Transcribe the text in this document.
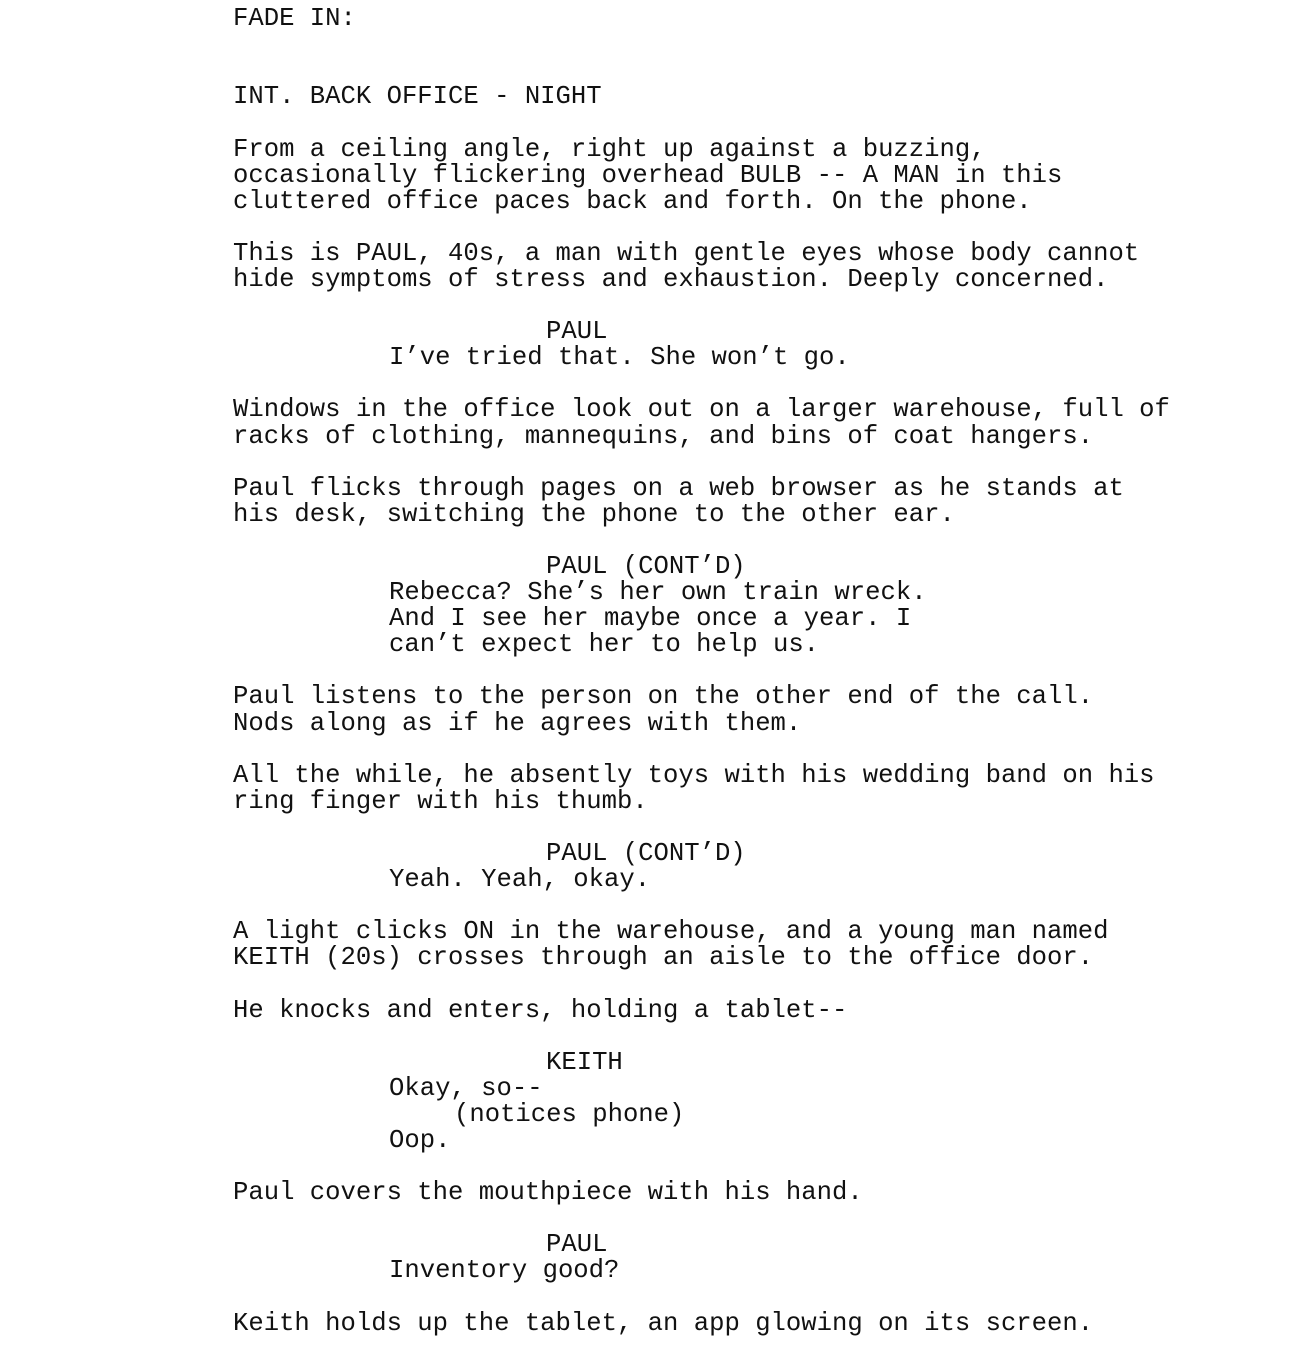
FADE IN:
INT. BACK OFFICE - NIGHT
From a ceiling angle, right up against a buzzing,
occasionally flickering overhead BULB -- A MAN in this
cluttered office paces back and forth. On the phone.
This is PAUL, 40s, a man with gentle eyes whose body cannot
hide symptoms of stress and exhaustion. Deeply concerned.
PAUL
I’ve tried that. She won’t go.
Windows in the office look out on a larger warehouse, full of
racks of clothing, mannequins, and bins of coat hangers.
Paul flicks through pages on a web browser as he stands at
his desk, switching the phone to the other ear.
PAUL (CONT’D)
Rebecca? She’s her own train wreck.
And I see her maybe once a year. I
can’t expect her to help us.
Paul listens to the person on the other end of the call.
Nods along as if he agrees with them.
All the while, he absently toys with his wedding band on his
ring finger with his thumb.
PAUL (CONT’D)
Yeah. Yeah, okay.
A light clicks ON in the warehouse, and a young man named
KEITH (20s) crosses through an aisle to the office door.
He knocks and enters, holding a tablet--
KEITH
Okay, so--
(notices phone)
Oop.
Paul covers the mouthpiece with his hand.
PAUL
Inventory good?
Keith holds up the tablet, an app glowing on its screen.
